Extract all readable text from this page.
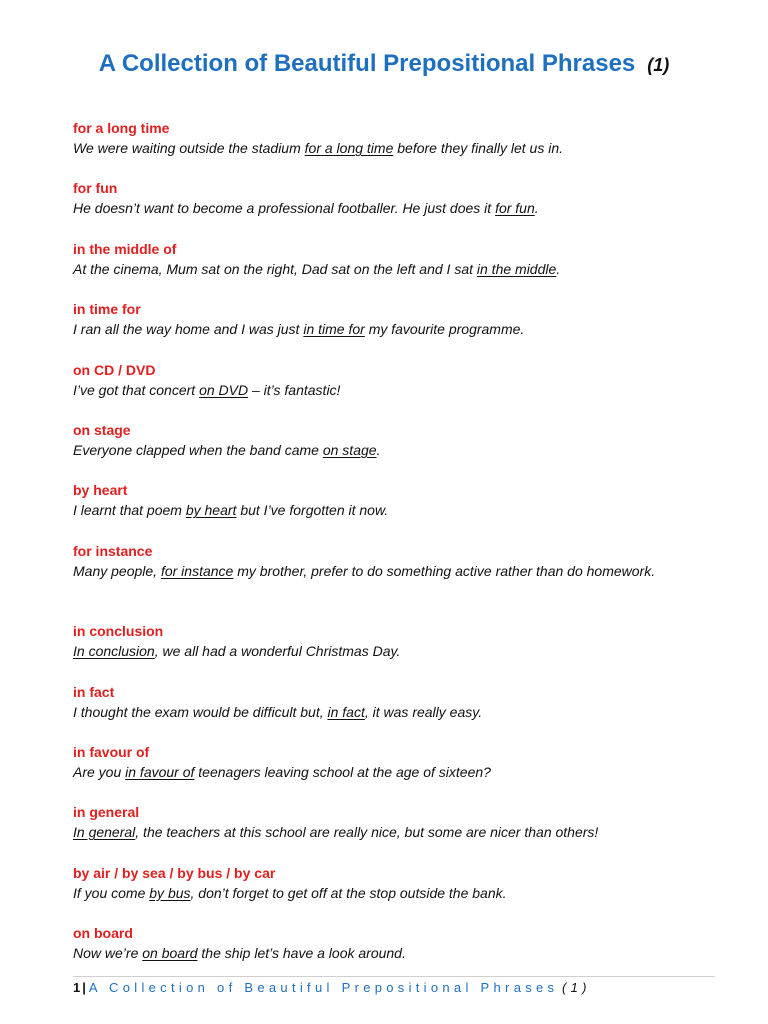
A Collection of Beautiful Prepositional Phrases (1)
for a long time
We were waiting outside the stadium for a long time before they finally let us in.
for fun
He doesn’t want to become a professional footballer. He just does it for fun.
in the middle of
At the cinema, Mum sat on the right, Dad sat on the left and I sat in the middle.
in time for
I ran all the way home and I was just in time for my favourite programme.
on CD / DVD
I’ve got that concert on DVD – it’s fantastic!
on stage
Everyone clapped when the band came on stage.
by heart
I learnt that poem by heart but I’ve forgotten it now.
for instance
Many people, for instance my brother, prefer to do something active rather than do homework.
in conclusion
In conclusion, we all had a wonderful Christmas Day.
in fact
I thought the exam would be difficult but, in fact, it was really easy.
in favour of
Are you in favour of teenagers leaving school at the age of sixteen?
in general
In general, the teachers at this school are really nice, but some are nicer than others!
by air / by sea / by bus / by car
If you come by bus, don’t forget to get off at the stop outside the bank.
on board
Now we’re on board the ship let’s have a look around.
1 | A Collection of Beautiful Prepositional Phrases (1)
